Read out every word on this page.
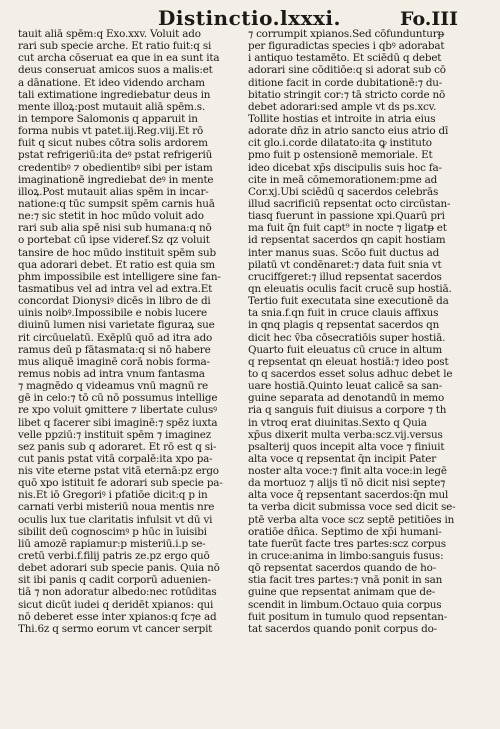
Distinctio.lxxxi.	Fo.III
tauit aliā spēm:q Exo.xxv. Voluit ado
rari sub specie arche. Et ratio fuit:q si
cut archa cōseruat ea que in ea sunt ita
deus conseruat amicos suos a malis:et
a dānatione. Et ideo videndo archam
tali extimatione ingrediebatur deus in
mente illoꝝ:post mutauit aliā spēm.s.
in tempore Salomonis q apparuit in
forma nubis vt patet.iij.Reg.viij.Et rō
fuit q sicut nubes cōtra solis ardorem
pstat refrigeriū:ita deꝰ pstat refrigeriū
credentibꝰ ⁊ obedientibꝰ sibi per istam
imaginationē ingrediebat deꝰ in mente
illoꝝ.Post mutauit alias spēm in incar-
natione:q tūc sumpsit spēm carnis huā
ne:⁊ sic stetit in hoc mūdo voluit ado
rari sub alia spē nisi sub humana:q nō
o portebat cū ipse videref.Sz qz voluit
tansire de hoc mūdo instituit spēm sub
qua adorari debet. Et ratio est quia sm
phm impossibile est intelligere sine fan-
tasmatibus vel ad intra vel ad extra.Et
concordat Dionysiꝰ dicēs in libro de di
uinis noibꝰ.Impossibile e nobis lucere
diuinū lumen nisi varietate figuraꝝ sue
rit circūuelatū. Exēplū quō ad itra ado
ramus deū p fātasmata:q si nō habere
mus aliquē imaginē corā nobis forma-
remus nobis ad intra vnum fantasma
⁊ magnēdo q videamus vnū magnū re
gē in celo:⁊ tō cū nō possumus intellige
re xpo voluit ꝯmittere ⁊ libertate culusꝰ
libet q facerer sibi imaginē:⁊ spēz iuxta
velle ppziū:⁊ instituit spēm ⁊ imaginez
sez panis sub q adoraret. Et rō est q si-
cut panis pstat vitā corpalē:ita xpo pa-
nis vite eterne pstat vitā eternā:pz ergo
quō xpo istituit fe adorari sub specie pa-
nis.Et iō Gregoriꝰ i pfatiōe dicit:q p in
carnati verbi misteriū noua mentis nre
oculis lux tue claritatis infulsit vt dū vi
sibilit deū cognoscimꝰ p hūc in īuisibi
liū amozē rapiamur:p misteriū.i.p se-
cretū verbi.f.filij patris ze.pz ergo quō
debet adorari sub specie panis. Quia nō
sit ibi panis q cadit corporū aduenien-
tiā ⁊ non adoratur albedo:nec rotūditas
sicut dicūt iudei q deridēt xpianos: qui
nō deberet esse inter xpianos:q fc⁊e ad
Thi.6z q sermo eorum vt cancer serpit
⁊ corrumpit xpianos.Sed cōfundunturᵽ
per figuradictas species i qbꝰ adorabat
i antiquo testamēto. Et sciēdū q debet
adorari sine cōditiōe:q si adorat sub cō
ditione facit in corde dubitationē:⁊ du-
bitatio stringit cor:⁊ tā stricto corde nō
debet adorari:sed ample vt ds ps.xcv.
Tollite hostias et introite in atria eius
adorate dn̄z in atrio sancto eius atrio dī
cit glo.i.corde dilatato:ita ꝙ instituto
pmo fuit p ostensionē memoriale. Et
ideo dicebat xp̄s discipulis suis hoc fa-
cite in meā cōmemorationem:pme ad
Cor.xj.Ubi sciēdū q sacerdos celebrās
illud sacrificiū repsentat octo circūstan-
tiasq fuerunt in passione xpi.Quarū pri
ma fuit q̄n fuit capt⁹ in nocte ⁊ ligatᵽ et
id repsentat sacerdos qn capit hostiam
inter manus suas. Scōo fuit ductus ad
pilatū vt condēnaret:⁊ data fuit snia vt
cruciffgeret:⁊ illud repsentat sacerdos
qn eleuatis oculis facit crucē sup hostiā.
Tertio fuit executata sine executionē da
ta snia.f.qn fuit in cruce clauis affixus
in qnq plagis q repsentat sacerdos qn
dicit hec v̄ba cōsecratiōis super hostiā.
Quarto fuit eleuatus cū cruce in altum
q repsentat qn eleuat hostiā:⁊ ideo post
to q sacerdos esset solus adhuc debet le
uare hostiā.Quinto leuat calicē sa san-
guine separata ad denotandū in memo
ria q sanguis fuit diuisus a corpore ⁊ th
in vtroq erat diuinitas.Sexto q Quia
xp̄us dixerit multa verba:scz.vij.versus
psalterij quos incepit alta voce ⁊ finiuit
alta voce q repsentat q̄n incipit Pater
noster alta voce:⁊ finit alta voce:in legē
da mortuoz ⁊ alijs tī nō dicit nisi septe⁊
alta voce q̄ repsentant sacerdos:q̄n mul
ta verba dicit submissa voce sed dicit se-
ptē verba alta voce scz septē petitiōes in
oratiōe dn̄ica. Septimo de xp̄i humani-
tate fuerūt facte tres partes:scz corpus
in cruce:anima in limbo:sanguis fusus:
qō repsentat sacerdos quando de ho-
stia facit tres partes:⁊ vnā ponit in san
guine que repsentat animam que de-
scendit in limbum.Octauo quia corpus
fuit positum in tumulo quod repsentan-
tat sacerdos quando ponit corpus do-
